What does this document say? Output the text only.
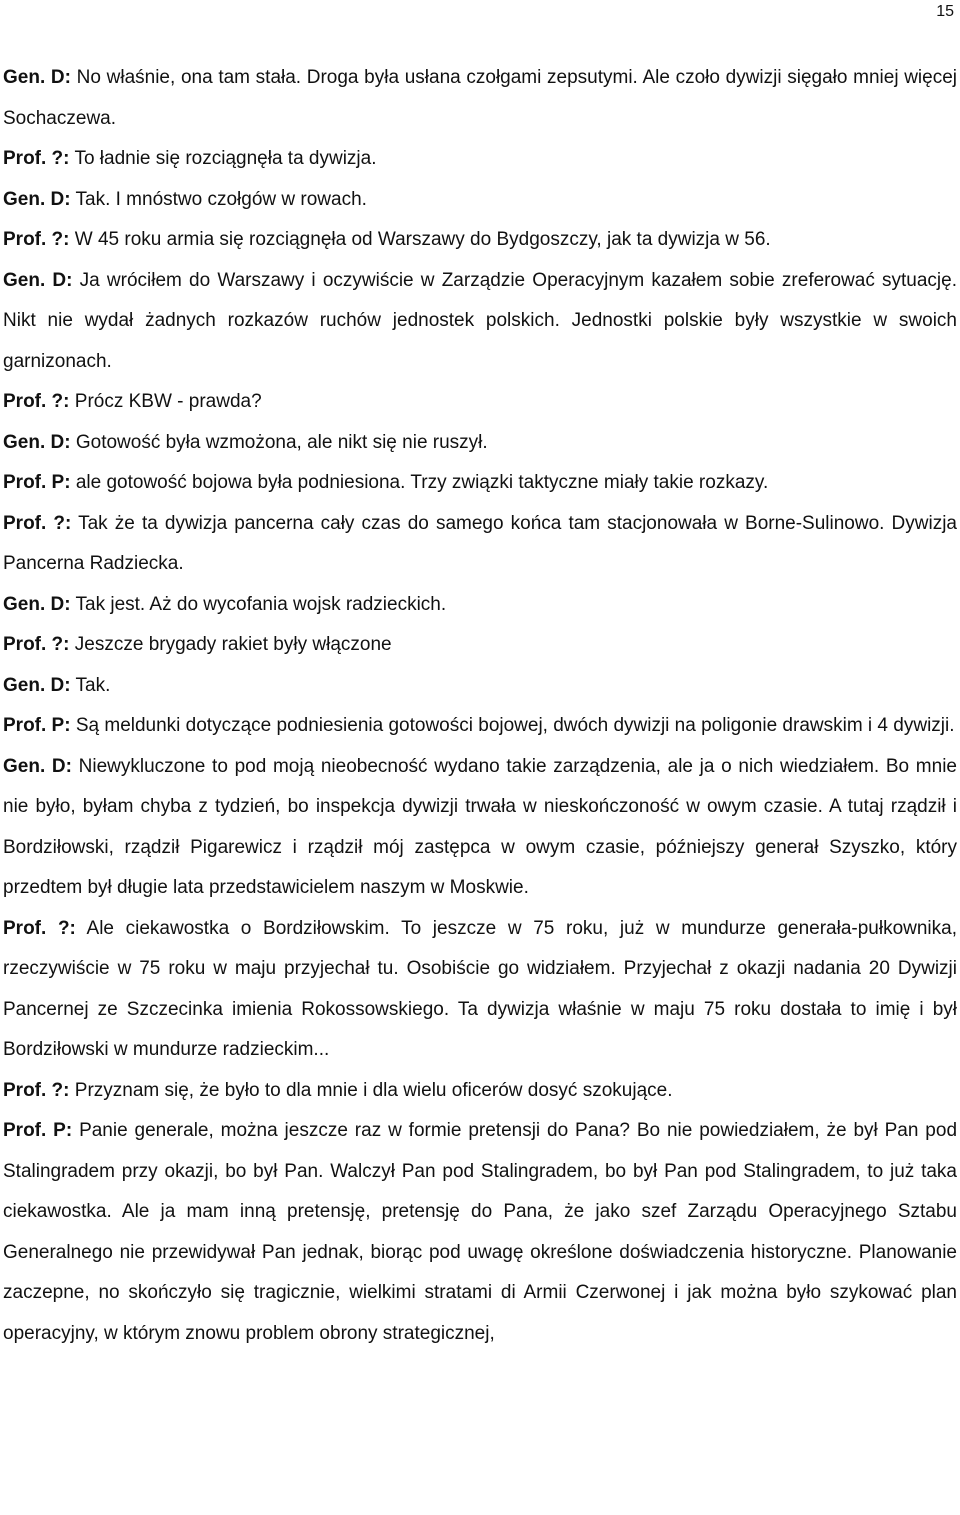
15

Gen. D: No właśnie, ona tam stała. Droga była usłana czołgami zepsutymi. Ale czoło dywizji sięgało mniej więcej Sochaczewa.

Prof. ?: To ładnie się rozciągnęła ta dywizja.

Gen. D: Tak. I mnóstwo czołgów w rowach.

Prof. ?: W 45 roku armia się rozciągnęła od Warszawy do Bydgoszczy, jak ta dywizja w 56.

Gen. D: Ja wróciłem do Warszawy i oczywiście w Zarządzie Operacyjnym kazałem sobie zreferować sytuację. Nikt nie wydał żadnych rozkazów ruchów jednostek polskich. Jednostki polskie były wszystkie w swoich garnizonach.

Prof. ?: Prócz KBW - prawda?

Gen. D: Gotowość była wzmożona, ale nikt się nie ruszył.

Prof. P: ale gotowość bojowa była podniesiona. Trzy związki taktyczne miały takie rozkazy.

Prof. ?: Tak że ta dywizja pancerna cały czas do samego końca tam stacjonowała w Borne-Sulinowo. Dywizja Pancerna Radziecka.

Gen. D: Tak jest. Aż do wycofania wojsk radzieckich.

Prof. ?: Jeszcze brygady rakiet były włączone

Gen. D: Tak.

Prof. P: Są meldunki dotyczące podniesienia gotowości bojowej, dwóch dywizji na poligonie drawskim i 4 dywizji.

Gen. D: Niewykluczone to pod moją nieobecność wydano takie zarządzenia, ale ja o nich wiedziałem. Bo mnie nie było, byłam chyba z tydzień, bo inspekcja dywizji trwała w nieskończoność w owym czasie. A tutaj rządził i Bordziłowski, rządził Pigarewicz i rządził mój zastępca w owym czasie, późniejszy generał Szyszko, który przedtem był długie lata przedstawicielem naszym w Moskwie.

Prof. ?: Ale ciekawostka o Bordziłowskim. To jeszcze w 75 roku, już w mundurze generała-pułkownika, rzeczywiście w 75 roku w maju przyjechał tu. Osobiście go widziałem. Przyjechał z okazji nadania 20 Dywizji Pancernej ze Szczecinka imienia Rokossowskiego. Ta dywizja właśnie w maju 75 roku dostała to imię i był Bordziłowski w mundurze radzieckim...

Prof. ?: Przyznam się, że było to dla mnie i dla wielu oficerów dosyć szokujące.

Prof. P: Panie generale, można jeszcze raz w formie pretensji do Pana? Bo nie powiedziałem, że był Pan pod Stalingradem przy okazji, bo był Pan. Walczył Pan pod Stalingradem, bo był Pan pod Stalingradem, to już taka ciekawostka. Ale ja mam inną pretensję, pretensję do Pana, że jako szef Zarządu Operacyjnego Sztabu Generalnego nie przewidywał Pan jednak, biorąc pod uwagę określone doświadczenia historyczne. Planowanie zaczepne, no skończyło się tragicznie, wielkimi stratami di Armii Czerwonej i jak można było szykować plan operacyjny, w którym znowu problem obrony strategicznej,
